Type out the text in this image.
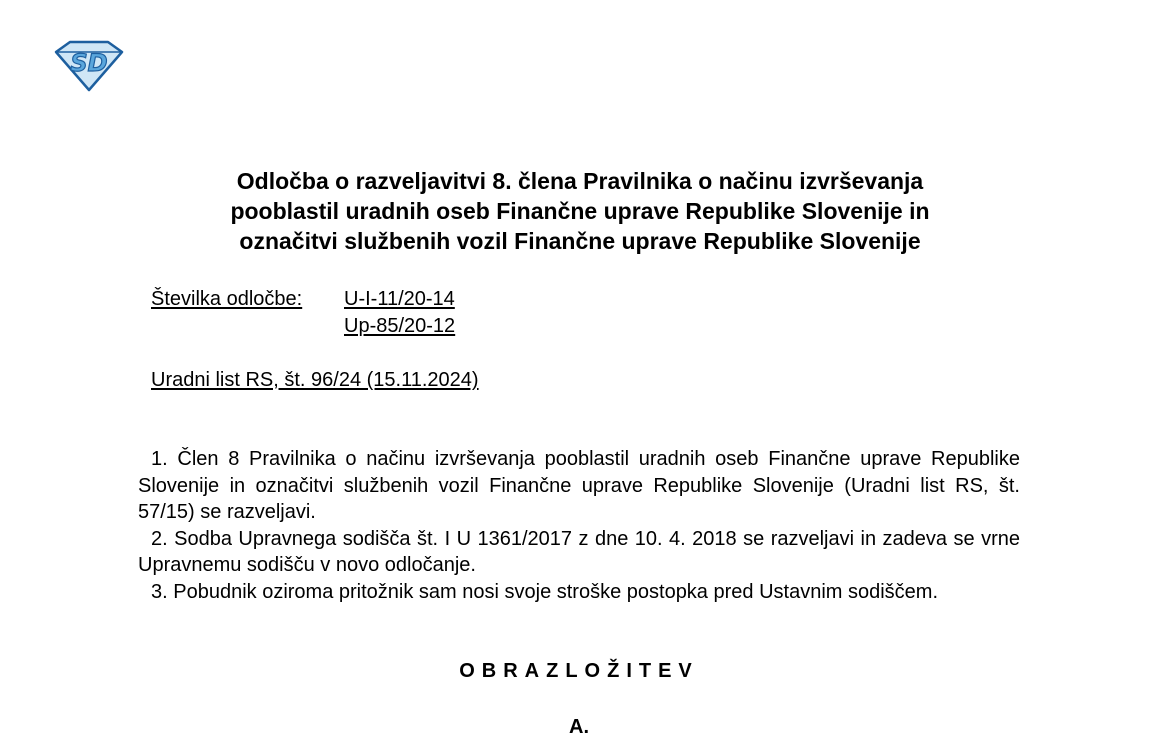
SD
Odločba o razveljavitvi 8. člena Pravilnika o načinu izvrševanja
pooblastil uradnih oseb Finančne uprave Republike Slovenije in
označitvi službenih vozil Finančne uprave Republike Slovenije
Številka odločbe: U-I-11/20-14
Up-85/20-12
Uradni list RS, št. 96/24 (15.11.2024)

1. Člen 8 Pravilnika o načinu izvrševanja pooblastil uradnih oseb Finančne uprave Republike Slovenije in označitvi službenih vozil Finančne uprave Republike Slovenije (Uradni list RS, št. 57/15) se razveljavi.

2. Sodba Upravnega sodišča št. I U 1361/2017 z dne 10. 4. 2018 se razveljavi in zadeva se vrne Upravnemu sodišču v novo odločanje.

3. Pobudnik oziroma pritožnik sam nosi svoje stroške postopka pred Ustavnim sodiščem.

OBRAZLOŽITEV
A.
